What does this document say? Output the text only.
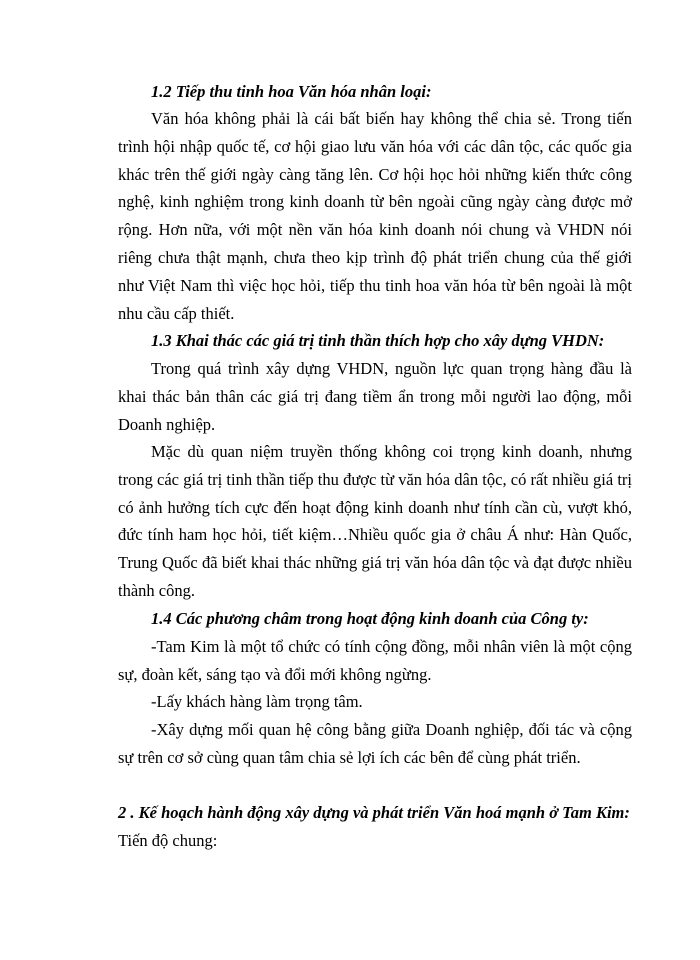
1.2 Tiếp thu tinh hoa Văn hóa nhân loại:

Văn hóa không phải là cái bất biến hay không thể chia sẻ. Trong tiến trình hội nhập quốc tế, cơ hội giao lưu văn hóa với các dân tộc, các quốc gia khác trên thế giới ngày càng tăng lên. Cơ hội học hỏi những kiến thức công nghệ, kinh nghiệm trong kinh doanh từ bên ngoài cũng ngày càng được mở rộng. Hơn nữa, với một nền văn hóa kinh doanh nói chung và VHDN nói riêng chưa thật mạnh, chưa theo kịp trình độ phát triển chung của thế giới như Việt Nam thì việc học hỏi, tiếp thu tinh hoa văn hóa từ bên ngoài là một nhu cầu cấp thiết.

1.3 Khai thác các giá trị tinh thần thích hợp cho xây dựng VHDN:

Trong quá trình xây dựng VHDN, nguồn lực quan trọng hàng đầu là khai thác bản thân các giá trị đang tiềm ẩn trong mỗi người lao động, mỗi Doanh nghiệp.

Mặc dù quan niệm truyền thống không coi trọng kinh doanh, nhưng trong các giá trị tinh thần tiếp thu được từ văn hóa dân tộc, có rất nhiều giá trị có ảnh hưởng tích cực đến hoạt động kinh doanh như tính cần cù, vượt khó, đức tính ham học hỏi, tiết kiệm…Nhiều quốc gia ở châu Á như: Hàn Quốc, Trung Quốc đã biết khai thác những giá trị văn hóa dân tộc và đạt được nhiều thành công.

1.4 Các phương châm trong hoạt động kinh doanh của Công ty:

-Tam Kim là một tổ chức có tính cộng đồng, mỗi nhân viên là một cộng sự, đoàn kết, sáng tạo và đổi mới không ngừng.

-Lấy khách hàng làm trọng tâm.

-Xây dựng mối quan hệ công bằng giữa Doanh nghiệp, đối tác và cộng sự trên cơ sở cùng quan tâm chia sẻ lợi ích các bên để cùng phát triển.

2 . Kế hoạch hành động xây dựng và phát triển Văn hoá mạnh ở Tam Kim:

Tiến độ chung:
